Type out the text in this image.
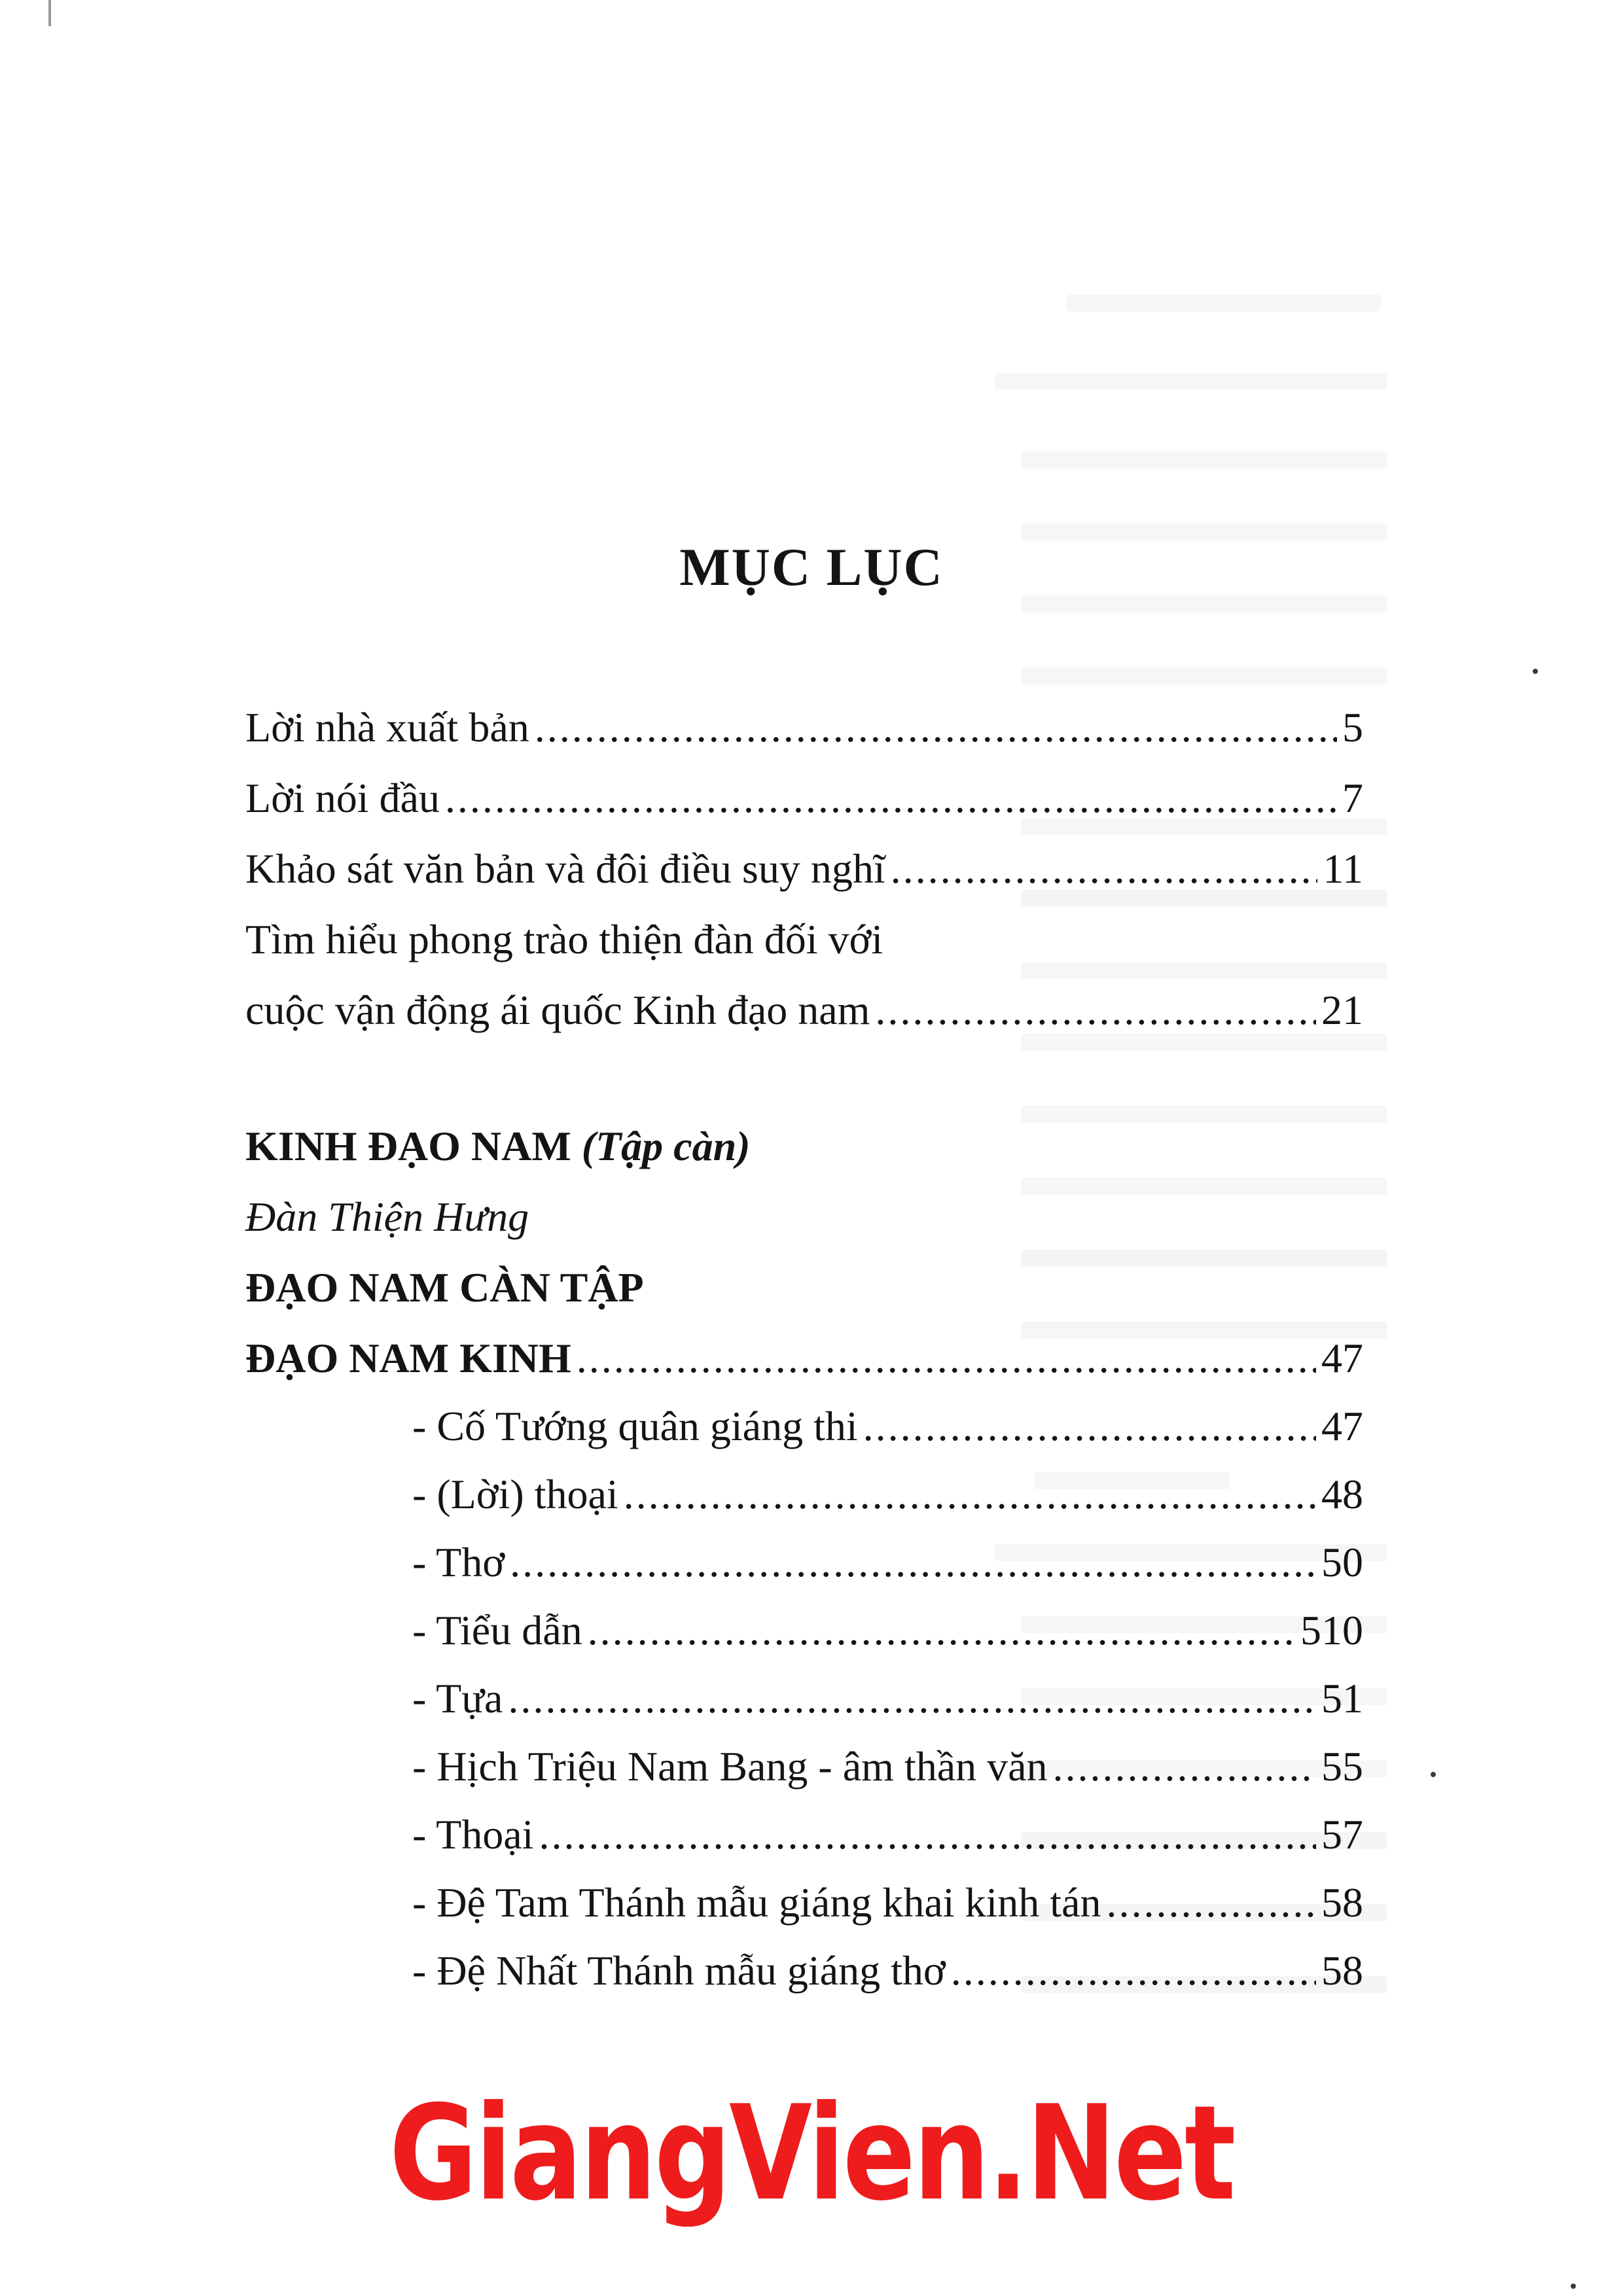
MỤC LỤC
Lời nhà xuất bản .....	5
Lời nói đầu .....	7
Khảo sát văn bản và đôi điều suy nghĩ .....	11
Tìm hiểu phong trào thiện đàn đối với
cuộc vận động ái quốc Kinh đạo nam .....	21
KINH ĐẠO NAM (Tập càn)
Đàn Thiện Hưng
ĐẠO NAM CÀN TẬP
ĐẠO NAM KINH .....	47
- Cố Tướng quân giáng thi .....	47
- (Lời) thoại .....	48
- Thơ .....	50
- Tiểu dẫn .....	510
- Tựa .....	51
- Hịch Triệu Nam Bang - âm thần văn .....	55
- Thoại .....	57
- Đệ Tam Thánh mẫu giáng khai kinh tán .....	58
- Đệ Nhất Thánh mẫu giáng thơ .....	58
GiangVien.Net
